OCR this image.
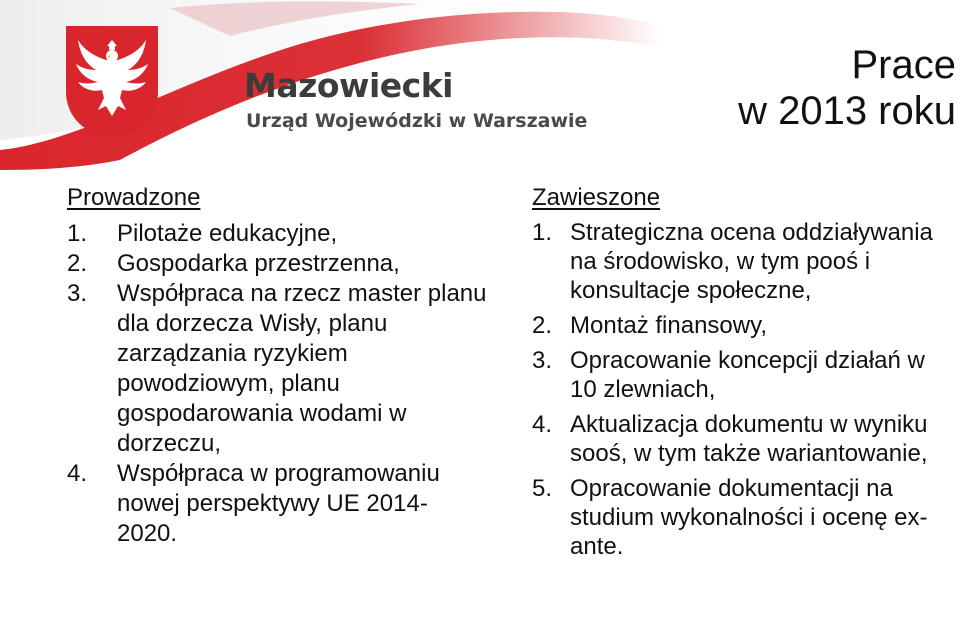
Mazowiecki
Urząd Wojewódzki w Warszawie
Prace
w 2013 roku
Prowadzone
1. Pilotaże edukacyjne,
2. Gospodarka przestrzenna,
3. Współpraca na rzecz master planu dla dorzecza Wisły, planu zarządzania ryzykiem powodziowym, planu gospodarowania wodami w dorzeczu,
4. Współpraca w programowaniu nowej perspektywy UE 2014-2020.
Zawieszone
1. Strategiczna ocena oddziaływania na środowisko, w tym pooś i konsultacje społeczne,
2. Montaż finansowy,
3. Opracowanie koncepcji działań w 10 zlewniach,
4. Aktualizacja dokumentu w wyniku sooś, w tym także wariantowanie,
5. Opracowanie dokumentacji na studium wykonalności i ocenę ex-ante.
